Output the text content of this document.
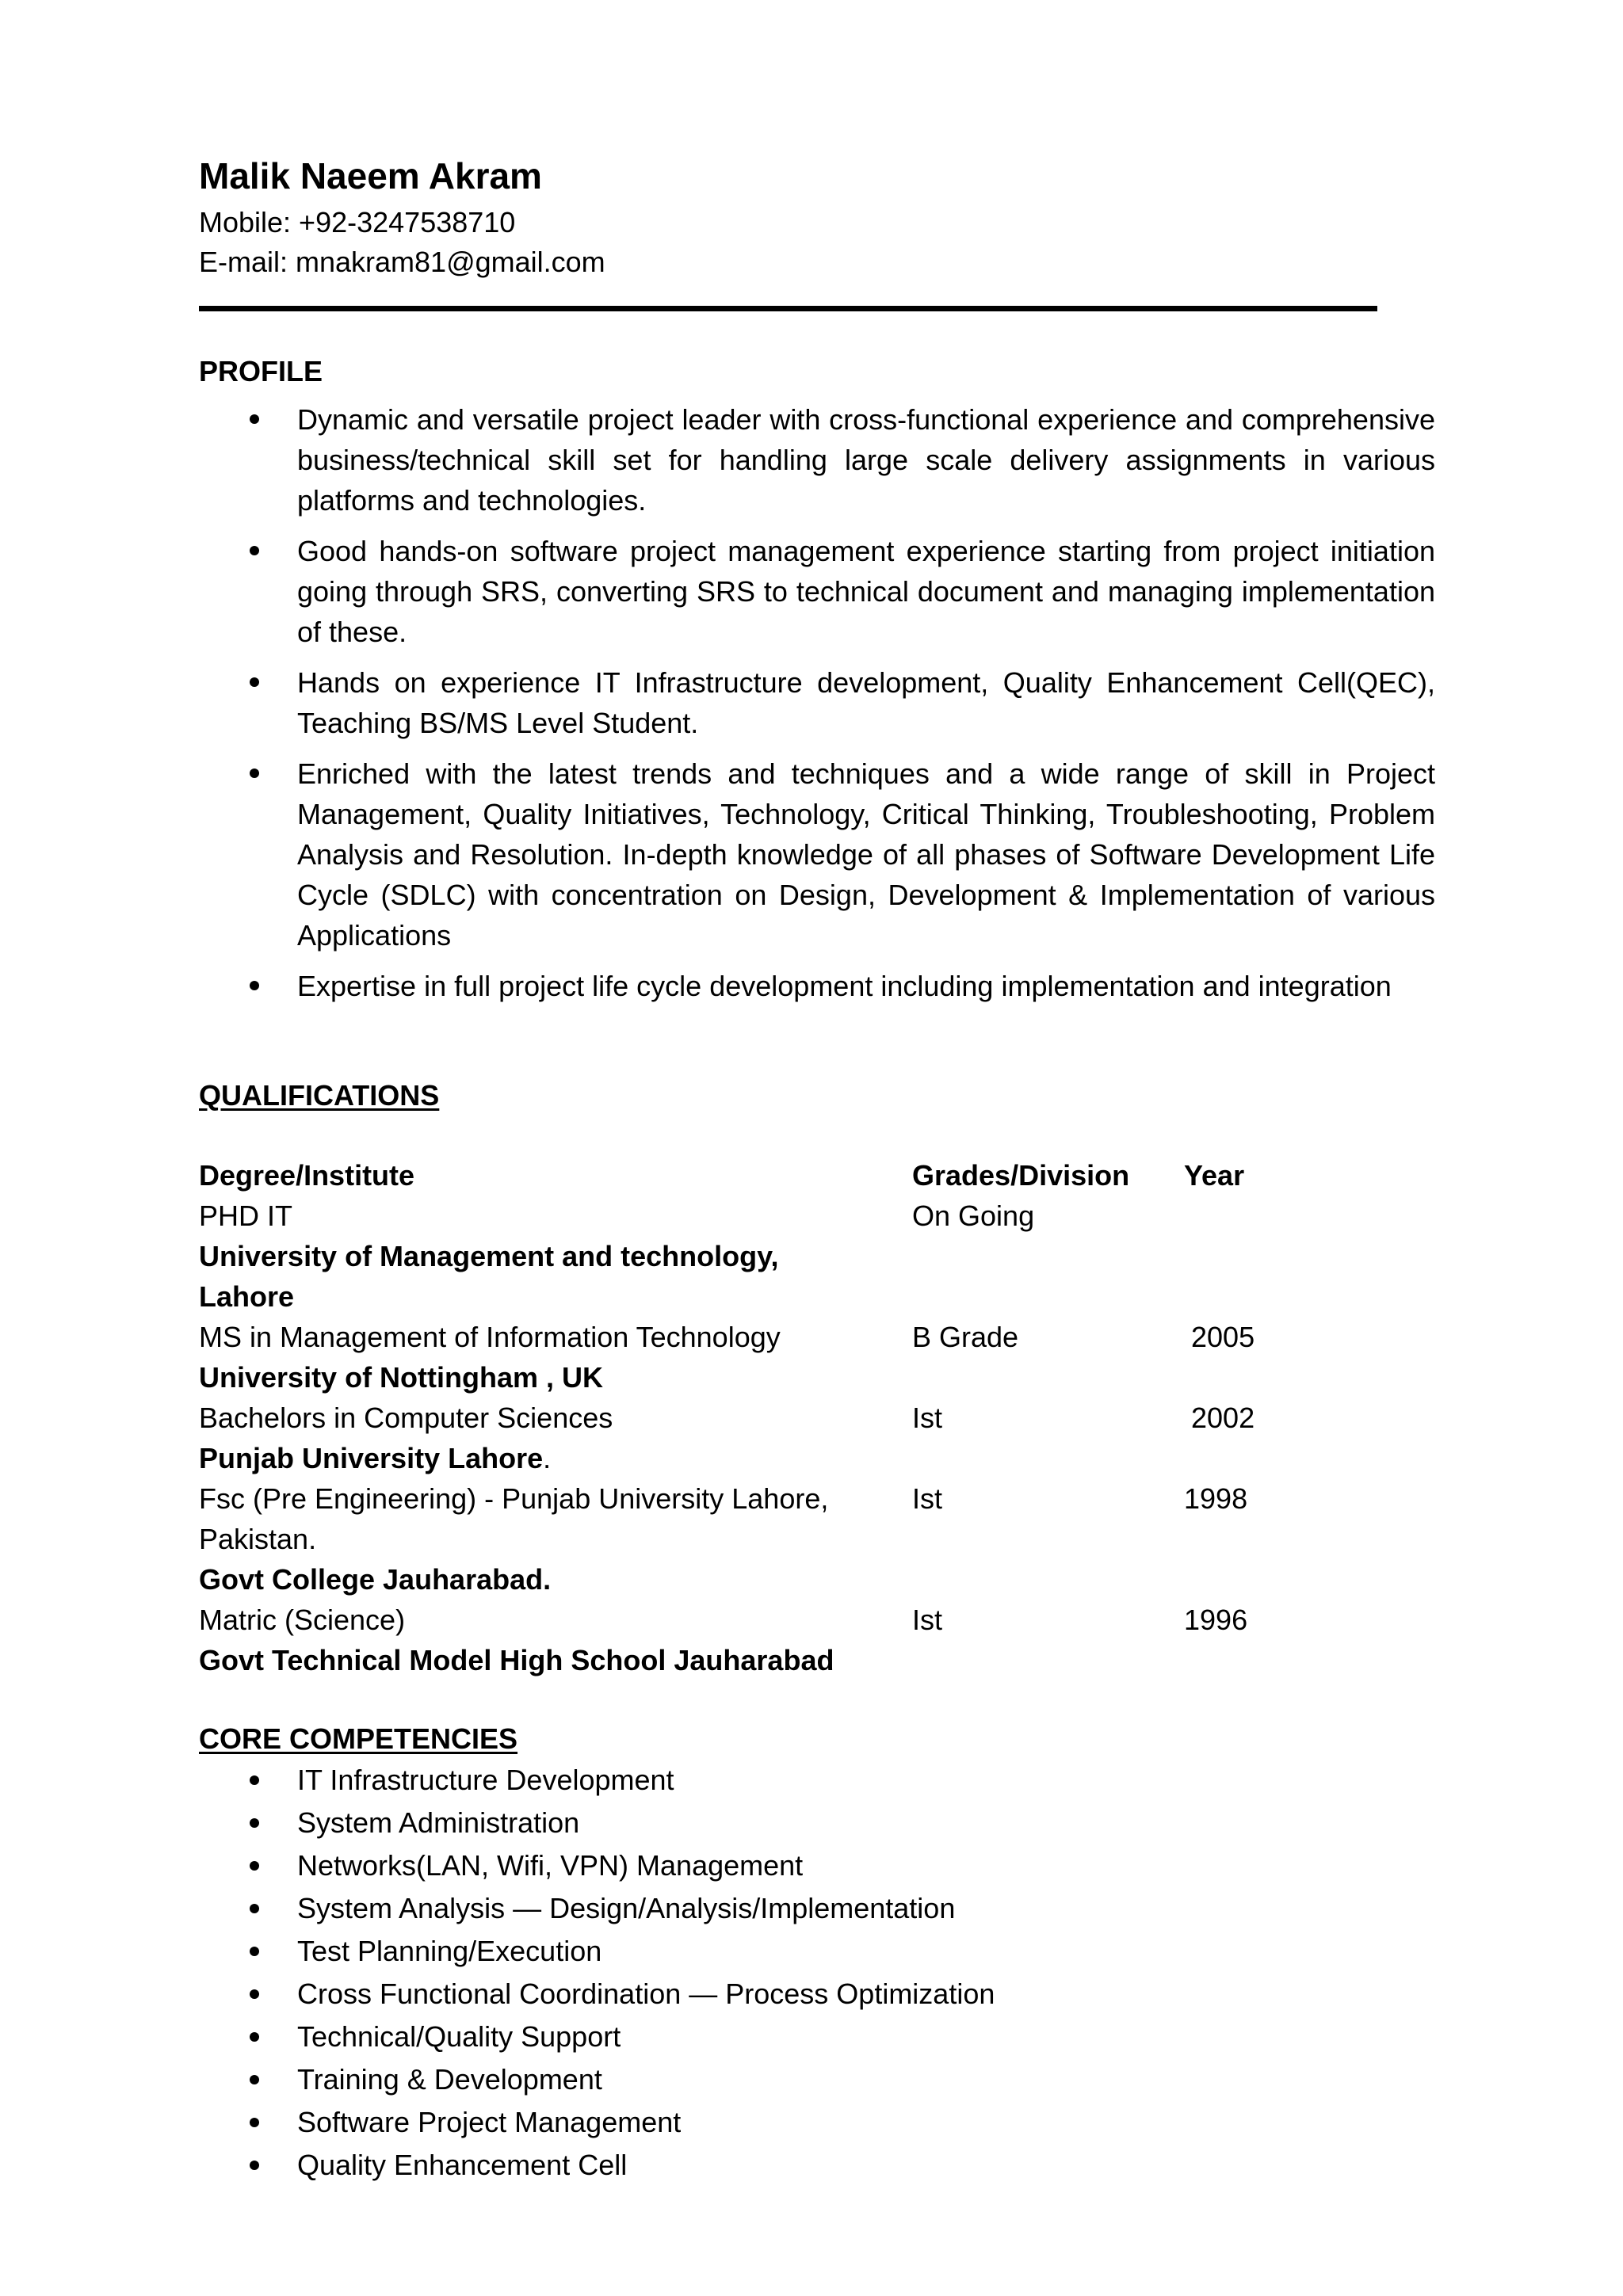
Malik Naeem Akram
Mobile: +92-3247538710
E-mail: mnakram81@gmail.com
PROFILE
Dynamic and versatile project leader with cross-functional experience and comprehensive business/technical skill set for handling large scale delivery assignments in various platforms and technologies.
Good hands-on software project management experience starting from project initiation going through SRS, converting SRS to technical document and managing implementation of these.
Hands on experience IT Infrastructure development, Quality Enhancement Cell(QEC), Teaching BS/MS Level Student.
Enriched with the latest trends and techniques and a wide range of skill in Project Management, Quality Initiatives, Technology, Critical Thinking, Troubleshooting, Problem Analysis and Resolution. In-depth knowledge of all phases of Software Development Life Cycle (SDLC) with concentration on Design, Development & Implementation of various Applications
Expertise in full project life cycle development including implementation and integration
QUALIFICATIONS
Degree/Institute	Grades/Division Year
PHD IT	On Going
University of Management and technology,
Lahore
MS in Management of Information Technology	B Grade	2005
University of Nottingham , UK
Bachelors in Computer Sciences	Ist	2002
Punjab University Lahore.
Fsc (Pre Engineering) - Punjab University Lahore,	Ist	1998
Pakistan.
Govt College Jauharabad.
Matric (Science)	Ist	1996
Govt Technical Model High School Jauharabad
CORE COMPETENCIES
IT Infrastructure Development
System Administration
Networks(LAN, Wifi, VPN) Management
System Analysis — Design/Analysis/Implementation
Test Planning/Execution
Cross Functional Coordination — Process Optimization
Technical/Quality Support
Training & Development
Software Project Management
Quality Enhancement Cell
